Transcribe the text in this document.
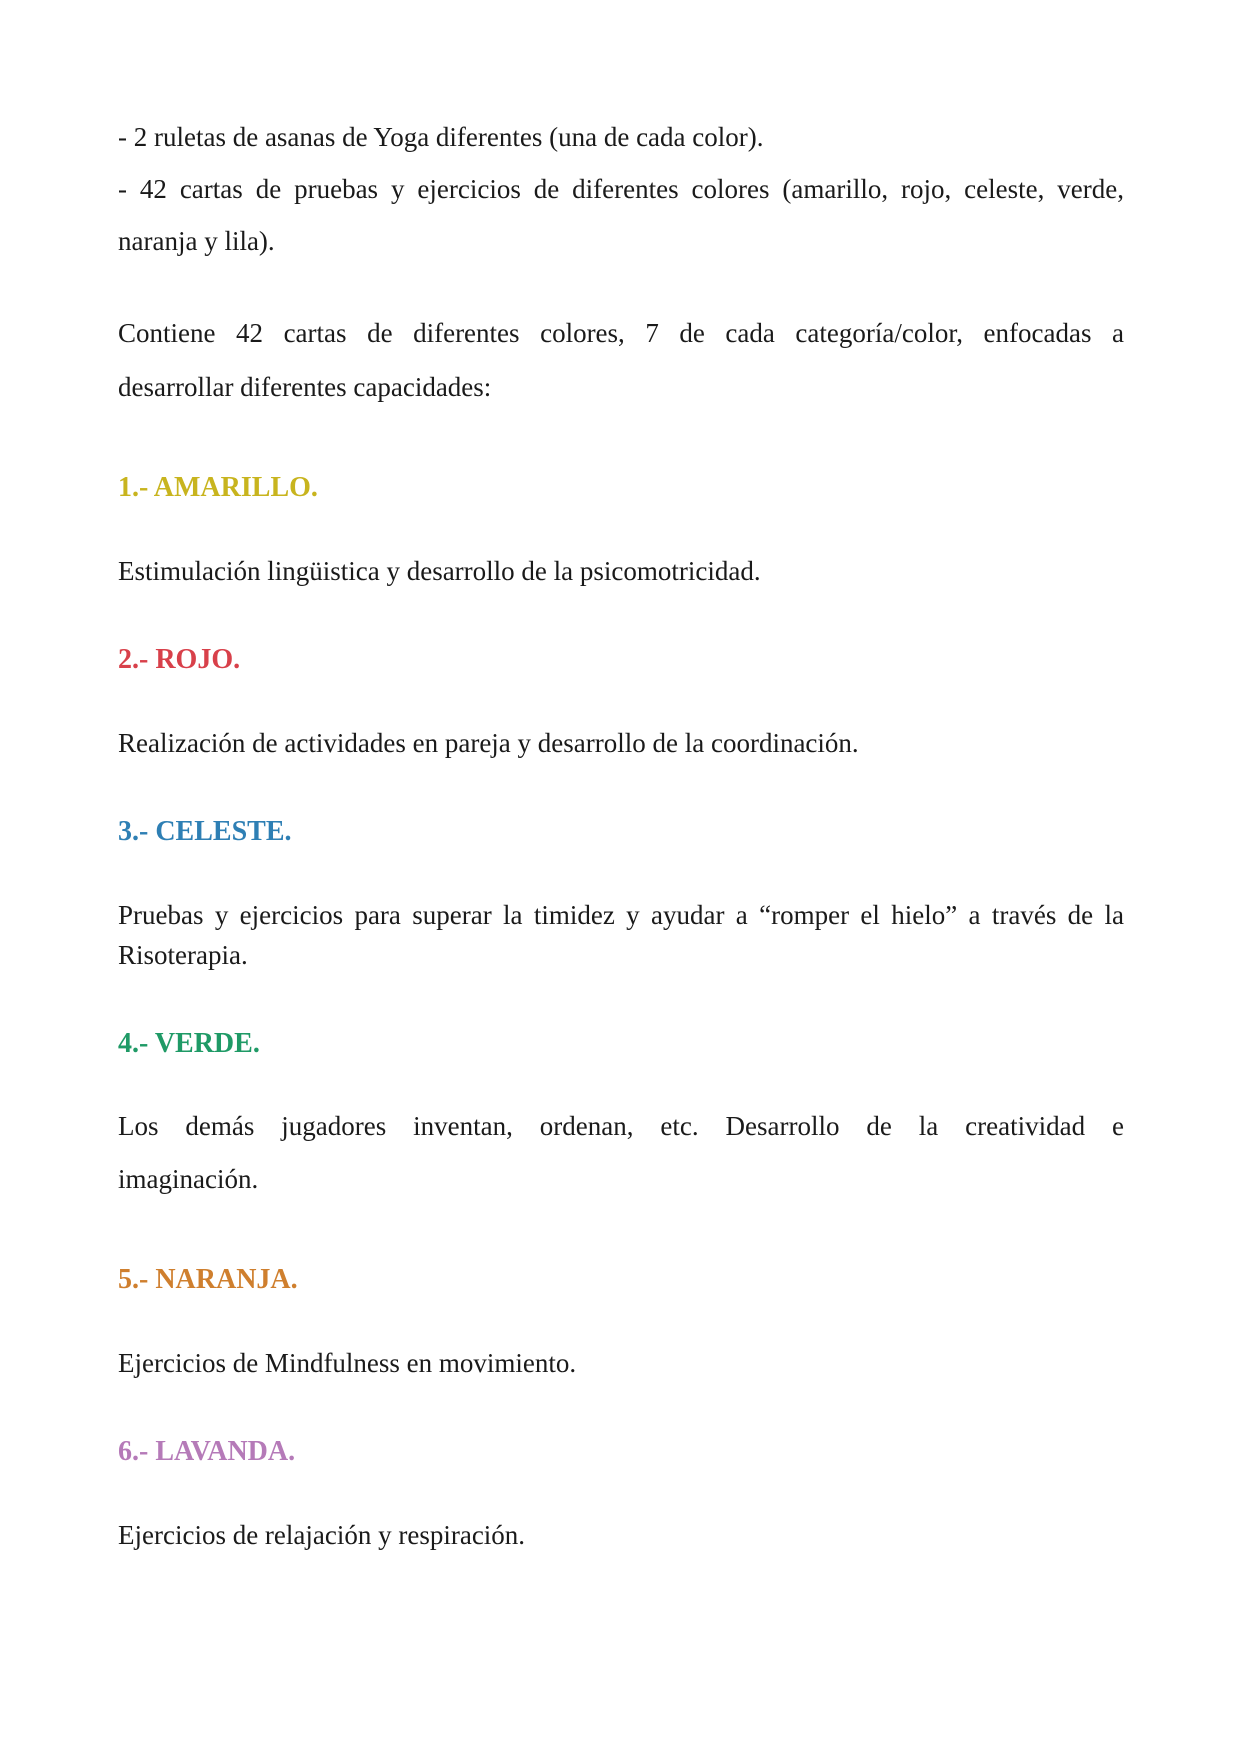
- 2 ruletas de asanas de Yoga diferentes (una de cada color).
- 42 cartas de pruebas y ejercicios de diferentes colores (amarillo, rojo, celeste, verde,
naranja y lila).
Contiene 42 cartas de diferentes colores, 7 de cada categoría/color, enfocadas a
desarrollar diferentes capacidades:
1.- AMARILLO.
Estimulación lingüistica y desarrollo de la psicomotricidad.
2.- ROJO.
Realización de actividades en pareja y desarrollo de la coordinación.
3.- CELESTE.
Pruebas y ejercicios para superar la timidez y ayudar a “romper el hielo” a través de la
Risoterapia.
4.- VERDE.
Los demás jugadores inventan, ordenan, etc. Desarrollo de la creatividad e
imaginación.
5.- NARANJA.
Ejercicios de Mindfulness en movimiento.
6.- LAVANDA.
Ejercicios de relajación y respiración.
